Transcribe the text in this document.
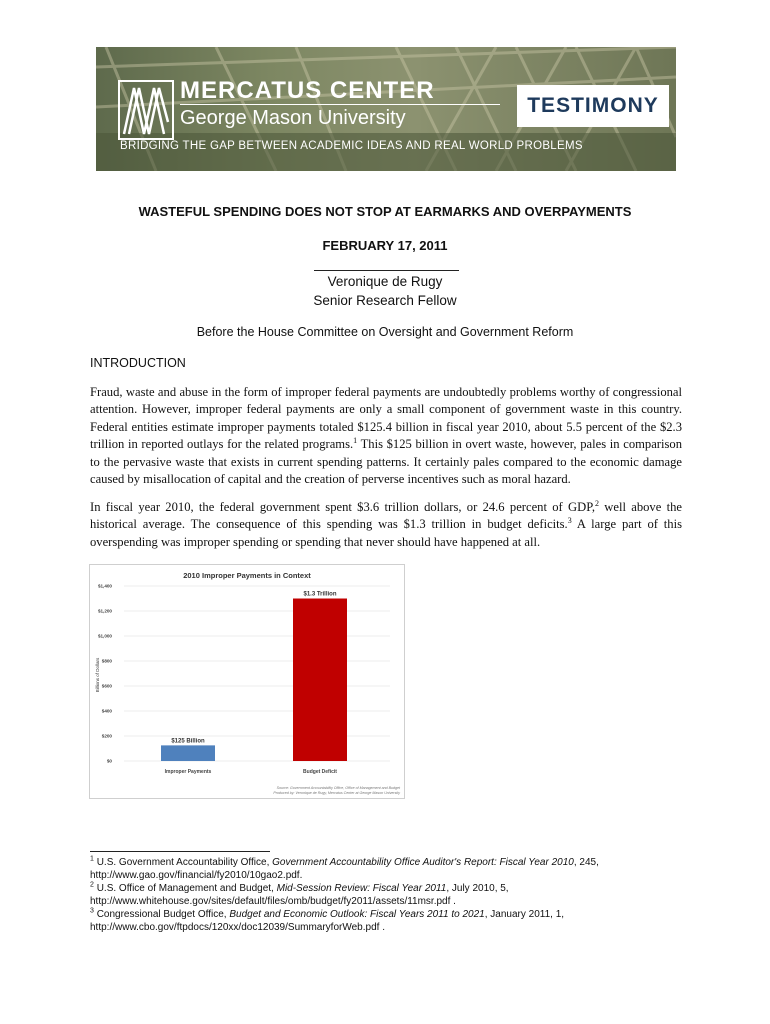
MERCATUS CENTER
George Mason University
TESTIMONY
BRIDGING THE GAP BETWEEN ACADEMIC IDEAS AND REAL WORLD PROBLEMS
WASTEFUL SPENDING DOES NOT STOP AT EARMARKS AND OVERPAYMENTS
FEBRUARY 17, 2011
Veronique de Rugy
Senior Research Fellow
Before the House Committee on Oversight and Government Reform
INTRODUCTION
Fraud, waste and abuse in the form of improper federal payments are undoubtedly problems worthy of congressional attention. However, improper federal payments are only a small component of government waste in this country. Federal entities estimate improper payments totaled $125.4 billion in fiscal year 2010, about 5.5 percent of the $2.3 trillion in reported outlays for the related programs.$^1$ This $125 billion in overt waste, however, pales in comparison to the pervasive waste that exists in current spending patterns. It certainly pales compared to the economic damage caused by misallocation of capital and the creation of perverse incentives such as moral hazard.
In fiscal year 2010, the federal government spent $3.6 trillion dollars, or 24.6 percent of GDP,$^2$ well above the historical average. The consequence of this spending was $1.3 trillion in budget deficits.$^3$ A large part of this overspending was improper spending or spending that never should have happened at all.
2010 Improper Payments in Context
Billions of Dollars
$0
$200
$400
$600
$800
$1,000
$1,200
$1,400
$125 Billion
Improper Payments
$1.3 Trillion
Budget Deficit
Source: Government Accountability Office, Office of Management and Budget
Produced by: Veronique de Rugy, Mercatus Center at George Mason University
$^1$ U.S. Government Accountability Office, Government Accountability Office Auditor's Report: Fiscal Year 2010, 245,
http://www.gao.gov/financial/fy2010/10gao2.pdf.
$^2$ U.S. Office of Management and Budget, Mid-Session Review: Fiscal Year 2011, July 2010, 5,
http://www.whitehouse.gov/sites/default/files/omb/budget/fy2011/assets/11msr.pdf .
$^3$ Congressional Budget Office, Budget and Economic Outlook: Fiscal Years 2011 to 2021, January 2011, 1,
http://www.cbo.gov/ftpdocs/120xx/doc12039/SummaryforWeb.pdf .
